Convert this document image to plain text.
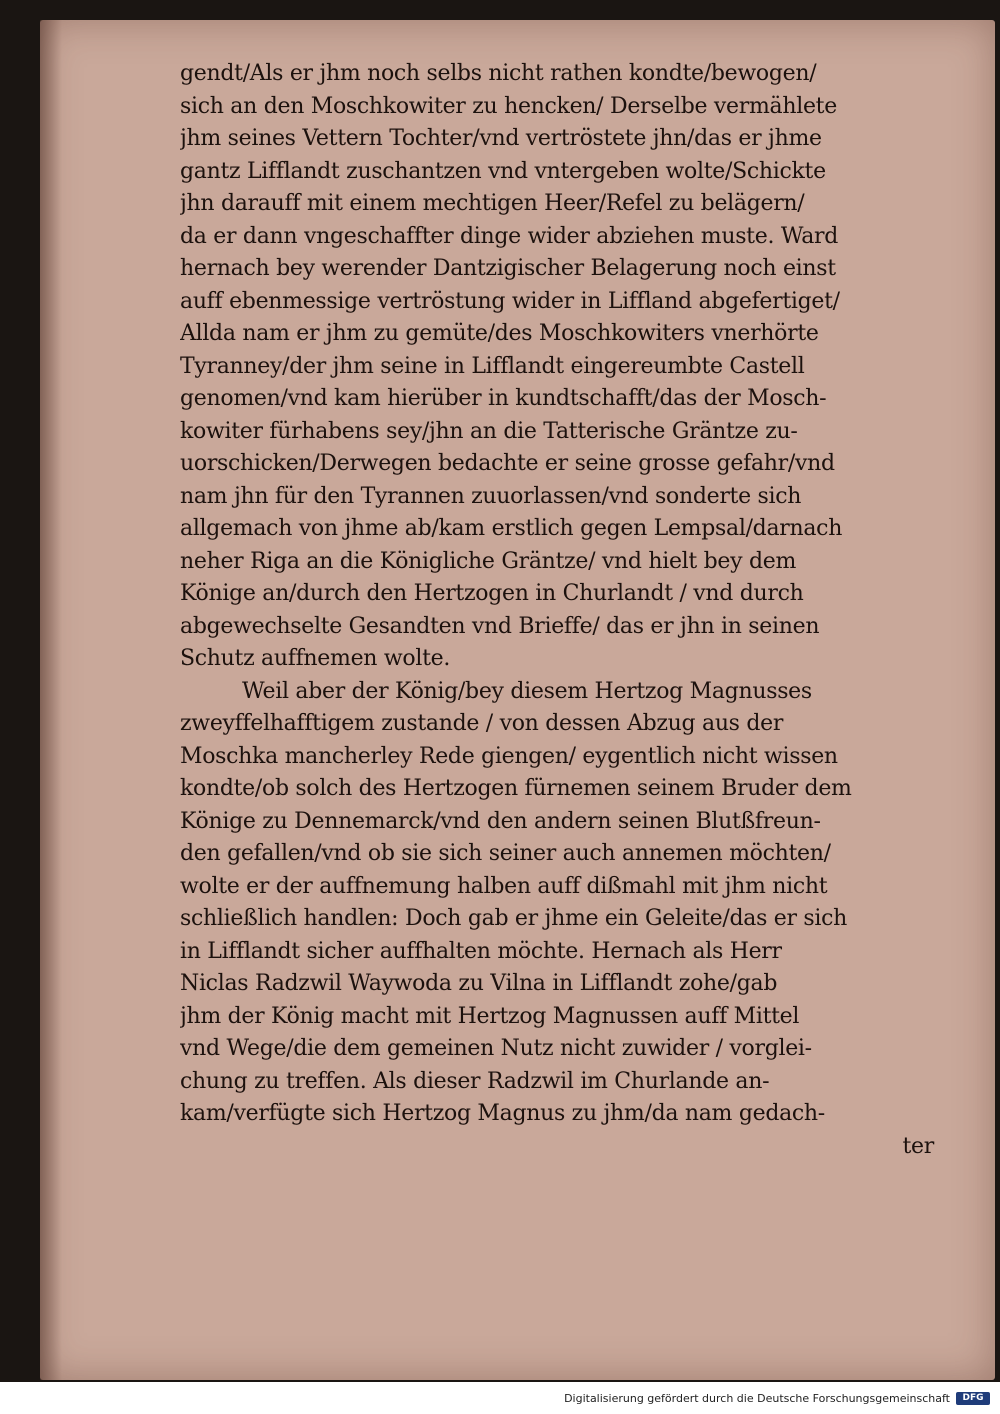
gendt/Als er jhm noch selbs nicht rathen kondte/bewogen/
sich an den Moschkowiter zu hencken/ Derselbe vermählete
jhm seines Vettern Tochter/vnd vertröstete jhn/das er jhme
gantz Lifflandt zuschantzen vnd vntergeben wolte/Schickte
jhn darauff mit einem mechtigen Heer/Refel zu belägern/
da er dann vngeschaffter dinge wider abziehen muste. Ward
hernach bey werender Dantzigischer Belagerung noch einst
auff ebenmessige vertröstung wider in Liffland abgefertiget/
Allda nam er jhm zu gemüte/des Moschkowiters vnerhörte
Tyranney/der jhm seine in Lifflandt eingereumbte Castell
genomen/vnd kam hierüber in kundtschafft/das der Mosch-
kowiter fürhabens sey/jhn an die Tatterische Gräntze zu-
uorschicken/Derwegen bedachte er seine grosse gefahr/vnd
nam jhn für den Tyrannen zuuorlassen/vnd sonderte sich
allgemach von jhme ab/kam erstlich gegen Lempsal/darnach
neher Riga an die Königliche Gräntze/ vnd hielt bey dem
Könige an/durch den Hertzogen in Churlandt / vnd durch
abgewechselte Gesandten vnd Brieffe/ das er jhn in seinen
Schutz auffnemen wolte.
Weil aber der König/bey diesem Hertzog Magnusses
zweyffelhafftigem zustande / von dessen Abzug aus der
Moschka mancherley Rede giengen/ eygentlich nicht wissen
kondte/ob solch des Hertzogen fürnemen seinem Bruder dem
Könige zu Dennemarck/vnd den andern seinen Blutßfreun-
den gefallen/vnd ob sie sich seiner auch annemen möchten/
wolte er der auffnemung halben auff dißmahl mit jhm nicht
schließlich handlen: Doch gab er jhme ein Geleite/das er sich
in Lifflandt sicher auffhalten möchte. Hernach als Herr
Niclas Radzwil Waywoda zu Vilna in Lifflandt zohe/gab
jhm der König macht mit Hertzog Magnussen auff Mittel
vnd Wege/die dem gemeinen Nutz nicht zuwider / vorglei-
chung zu treffen. Als dieser Radzwil im Churlande an-
kam/verfügte sich Hertzog Magnus zu jhm/da nam gedach-
ter
Digitalisierung gefördert durch die Deutsche Forschungsgemeinschaft	DFG
